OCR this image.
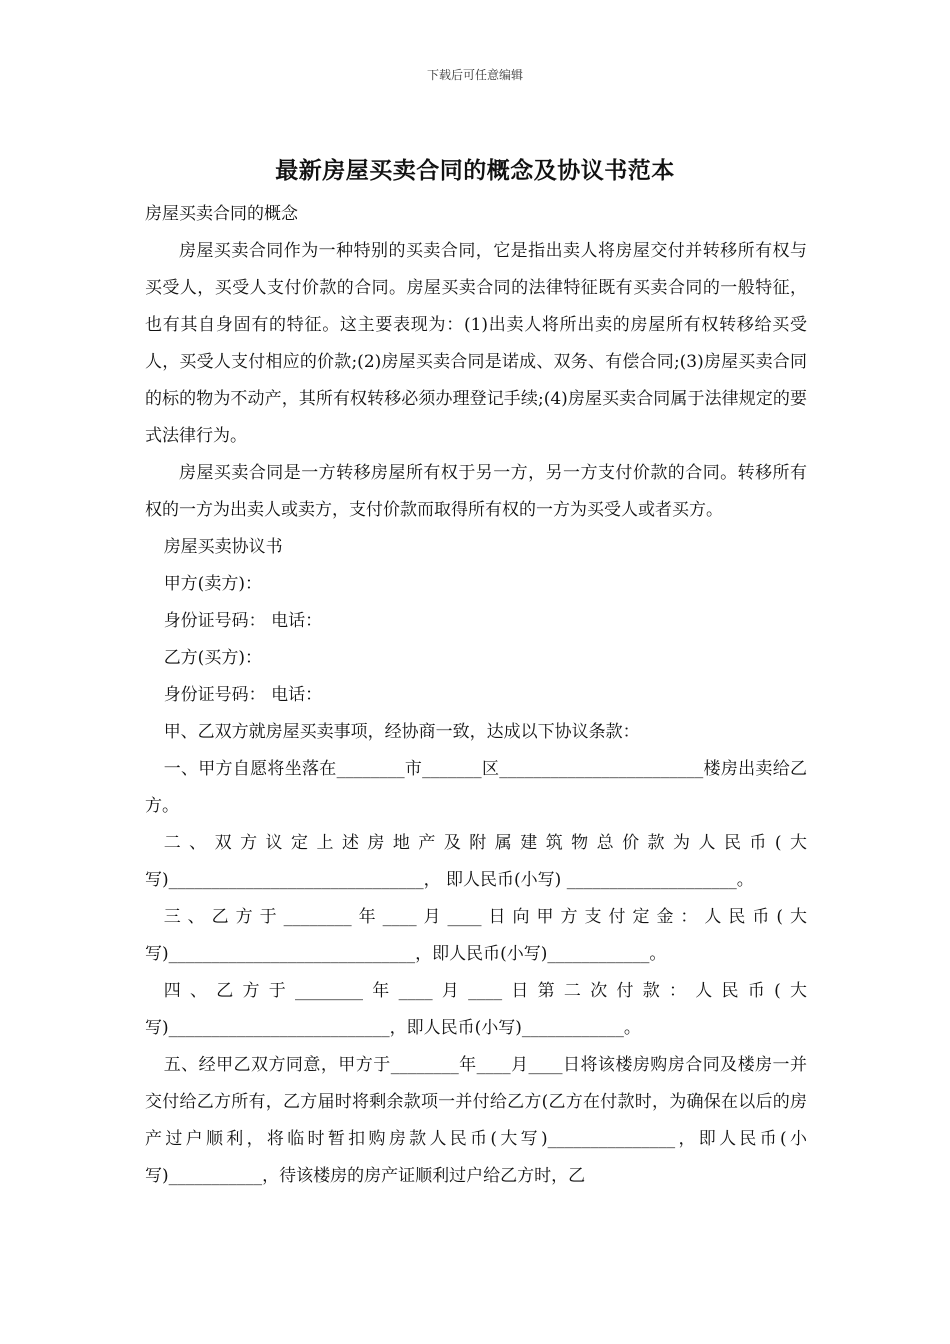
下载后可任意编辑
最新房屋买卖合同的概念及协议书范本

房屋买卖合同的概念

房屋买卖合同作为一种特别的买卖合同，它是指出卖人将房屋交付并转移所有权与买受人，买受人支付价款的合同。房屋买卖合同的法律特征既有买卖合同的一般特征，也有其自身固有的特征。这主要表现为：(1)出卖人将所出卖的房屋所有权转移给买受人，买受人支付相应的价款;(2)房屋买卖合同是诺成、双务、有偿合同;(3)房屋买卖合同的标的物为不动产，其所有权转移必须办理登记手续;(4)房屋买卖合同属于法律规定的要式法律行为。

房屋买卖合同是一方转移房屋所有权于另一方，另一方支付价款的合同。转移所有权的一方为出卖人或卖方，支付价款而取得所有权的一方为买受人或者买方。

房屋买卖协议书

甲方(卖方)：

身份证号码： 电话：

乙方(买方)：

身份证号码： 电话：

甲、乙双方就房屋买卖事项，经协商一致，达成以下协议条款：

一、甲方自愿将坐落在________市_______区________________________楼房出卖给乙方。

二、双方议定上述房地产及附属建筑物总价款为人民币(大写)______________________________， 即人民币(小写) ____________________。

三、乙方于________年____月____日向甲方支付定金：人民币(大写)_____________________________，即人民币(小写)____________。

四、乙方于________年____月____日第二次付款：人民币(大写)__________________________，即人民币(小写)____________。

五、经甲乙双方同意，甲方于________年____月____日将该楼房购房合同及楼房一并交付给乙方所有，乙方届时将剩余款项一并付给乙方(乙方在付款时，为确保在以后的房产过户顺利，将临时暂扣购房款人民币(大写)_______________，即人民币(小写)___________，待该楼房的房产证顺利过户给乙方时，乙
